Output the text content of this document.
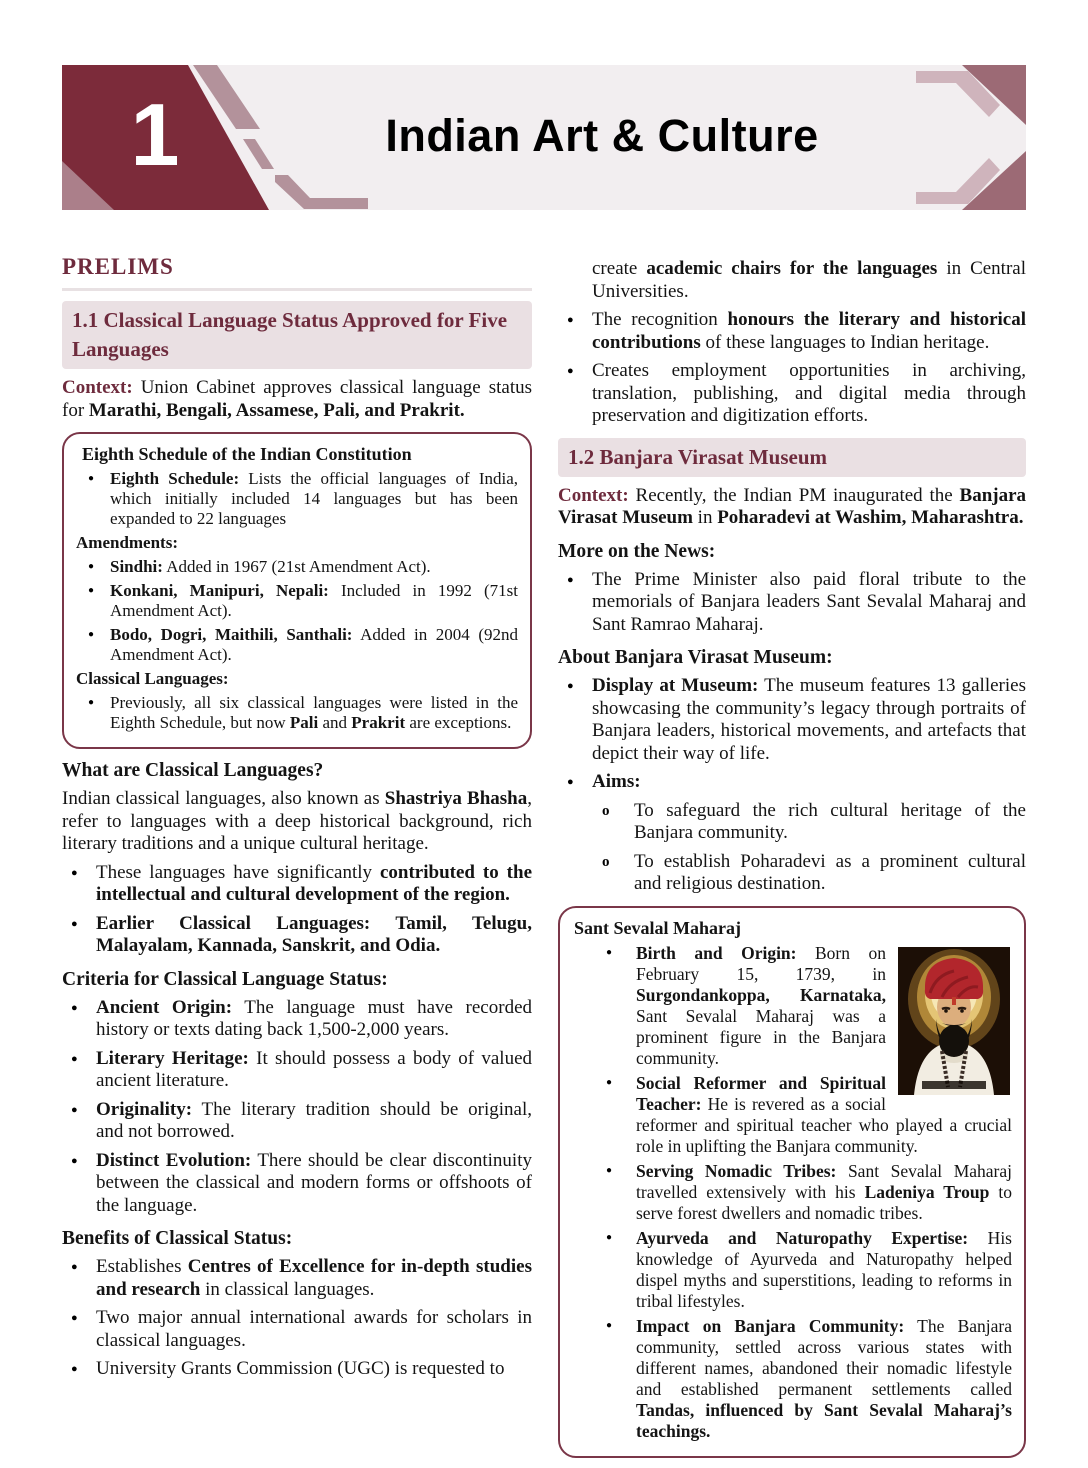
1	Indian Art & Culture
PRELIMS
1.1 Classical Language Status Approved for Five Languages

Context: Union Cabinet approves classical language status for Marathi, Bengali, Assamese, Pali, and Prakrit.

Eighth Schedule of the Indian Constitution
● Eighth Schedule: Lists the official languages of India, which initially included 14 languages but has been expanded to 22 languages
Amendments:
● Sindhi: Added in 1967 (21st Amendment Act).
● Konkani, Manipuri, Nepali: Included in 1992 (71st Amendment Act).
● Bodo, Dogri, Maithili, Santhali: Added in 2004 (92nd Amendment Act).
Classical Languages:
● Previously, all six classical languages were listed in the Eighth Schedule, but now Pali and Prakrit are exceptions.
What are Classical Languages?

Indian classical languages, also known as Shastriya Bhasha, refer to languages with a deep historical background, rich literary traditions and a unique cultural heritage.

● These languages have significantly contributed to the intellectual and cultural development of the region.
● Earlier Classical Languages: Tamil, Telugu, Malayalam, Kannada, Sanskrit, and Odia.
Criteria for Classical Language Status:
● Ancient Origin: The language must have recorded history or texts dating back 1,500-2,000 years.
● Literary Heritage: It should possess a body of valued ancient literature.
● Originality: The literary tradition should be original, and not borrowed.
● Distinct Evolution: There should be clear discontinuity between the classical and modern forms or offshoots of the language.
Benefits of Classical Status:
● Establishes Centres of Excellence for in-depth studies and research in classical languages.
● Two major annual international awards for scholars in classical languages.
● University Grants Commission (UGC) is requested to

create academic chairs for the languages in Central Universities.

● The recognition honours the literary and historical contributions of these languages to Indian heritage.
● Creates employment opportunities in archiving, translation, publishing, and digital media through preservation and digitization efforts.
1.2 Banjara Virasat Museum

Context: Recently, the Indian PM inaugurated the Banjara Virasat Museum in Poharadevi at Washim, Maharashtra.

More on the News:
● The Prime Minister also paid floral tribute to the memorials of Banjara leaders Sant Sevalal Maharaj and Sant Ramrao Maharaj.
About Banjara Virasat Museum:
● Display at Museum: The museum features 13 galleries showcasing the community’s legacy through portraits of Banjara leaders, historical movements, and artefacts that depict their way of life.
● Aims:
o To safeguard the rich cultural heritage of the Banjara community.
o To establish Poharadevi as a prominent cultural and religious destination.
Sant Sevalal Maharaj
● Birth and Origin: Born on February 15, 1739, in Surgondankoppa, Karnataka, Sant Sevalal Maharaj was a prominent figure in the Banjara community.
● Social Reformer and Spiritual Teacher: He is revered as a social reformer and spiritual teacher who played a crucial role in uplifting the Banjara community.
● Serving Nomadic Tribes: Sant Sevalal Maharaj travelled extensively with his Ladeniya Troup to serve forest dwellers and nomadic tribes.
● Ayurveda and Naturopathy Expertise: His knowledge of Ayurveda and Naturopathy helped dispel myths and superstitions, leading to reforms in tribal lifestyles.
● Impact on Banjara Community: The Banjara community, settled across various states with different names, abandoned their nomadic lifestyle and established permanent settlements called Tandas, influenced by Sant Sevalal Maharaj’s teachings.
